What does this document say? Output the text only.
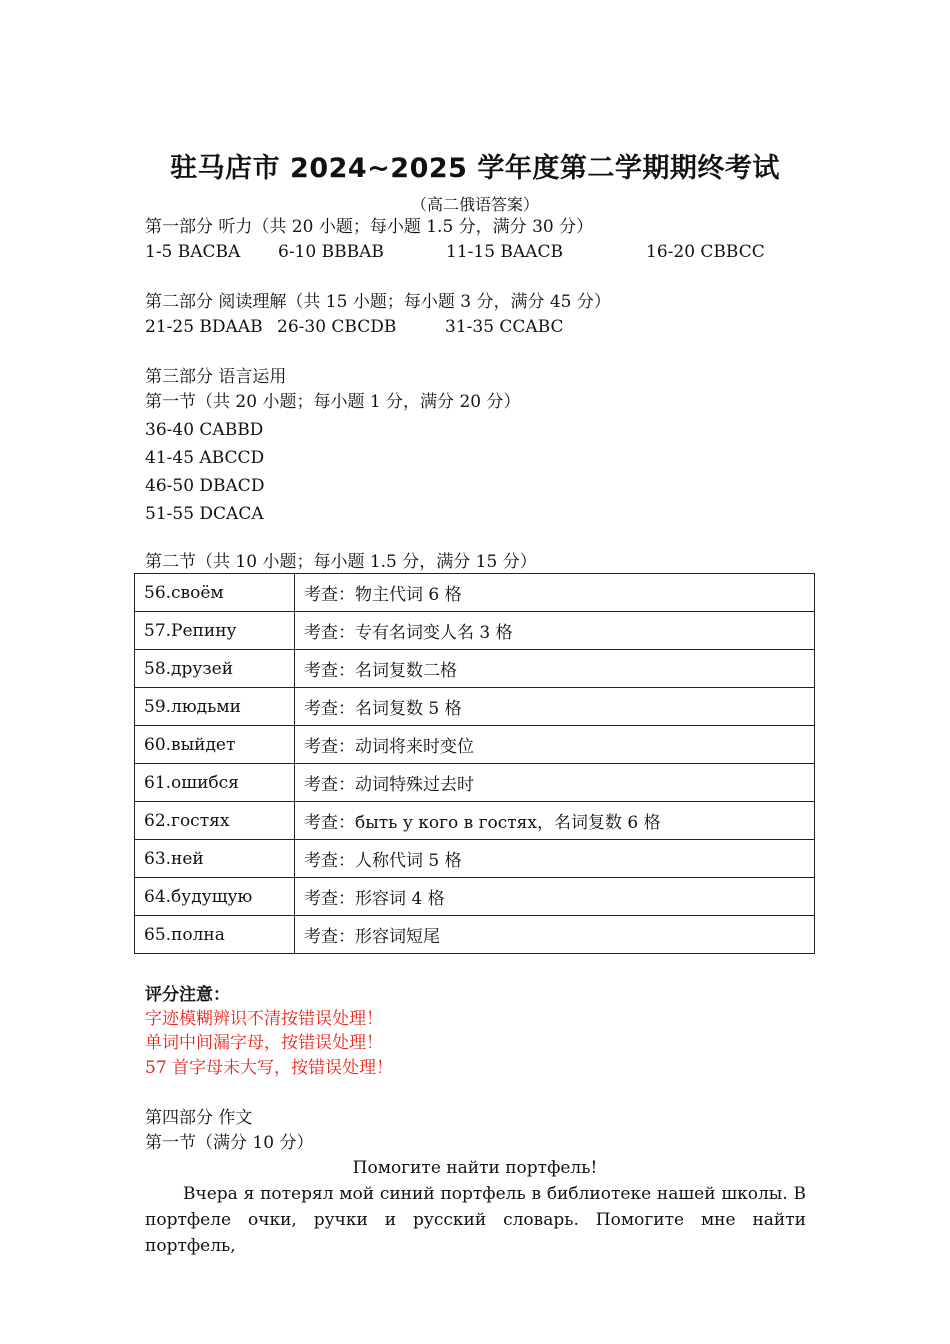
驻马店市 2024~2025 学年度第二学期期终考试
（高二俄语答案）
第一部分 听力（共 20 小题；每小题 1.5 分，满分 30 分）
1-5 BACBA 6-10 BBBAB	11-15 BAACB	16-20 CBBCC
第二部分 阅读理解（共 15 小题；每小题 3 分，满分 45 分）
21-25 BDAAB 26-30 CBCDB	31-35 CCABC
第三部分 语言运用
第一节（共 20 小题；每小题 1 分，满分 20 分）
36-40 CABBD
41-45 ABCCD
46-50 DBACD
51-55 DCACA
第二节（共 10 小题；每小题 1.5 分，满分 15 分）
56.своём	考查：物主代词 6 格
57.Репину	考查：专有名词变人名 3 格
58.друзей	考查：名词复数二格
59.людьми	考查：名词复数 5 格
60.выйдет	考查：动词将来时变位
61.ошибся	考查：动词特殊过去时
62.гостях	考查：быть у кого в гостях，名词复数 6 格
63.ней	考查：人称代词 5 格
64.будущую	考查：形容词 4 格
65.полна	考查：形容词短尾
评分注意：
字迹模糊辨识不清按错误处理！
单词中间漏字母，按错误处理！
57 首字母未大写，按错误处理！
第四部分 作文
第一节（满分 10 分）
Помогите найти портфель!
Вчера я потерял мой синий портфель в библиотеке нашей школы. В
портфеле очки, ручки и русский словарь. Помогите мне найти портфель,
